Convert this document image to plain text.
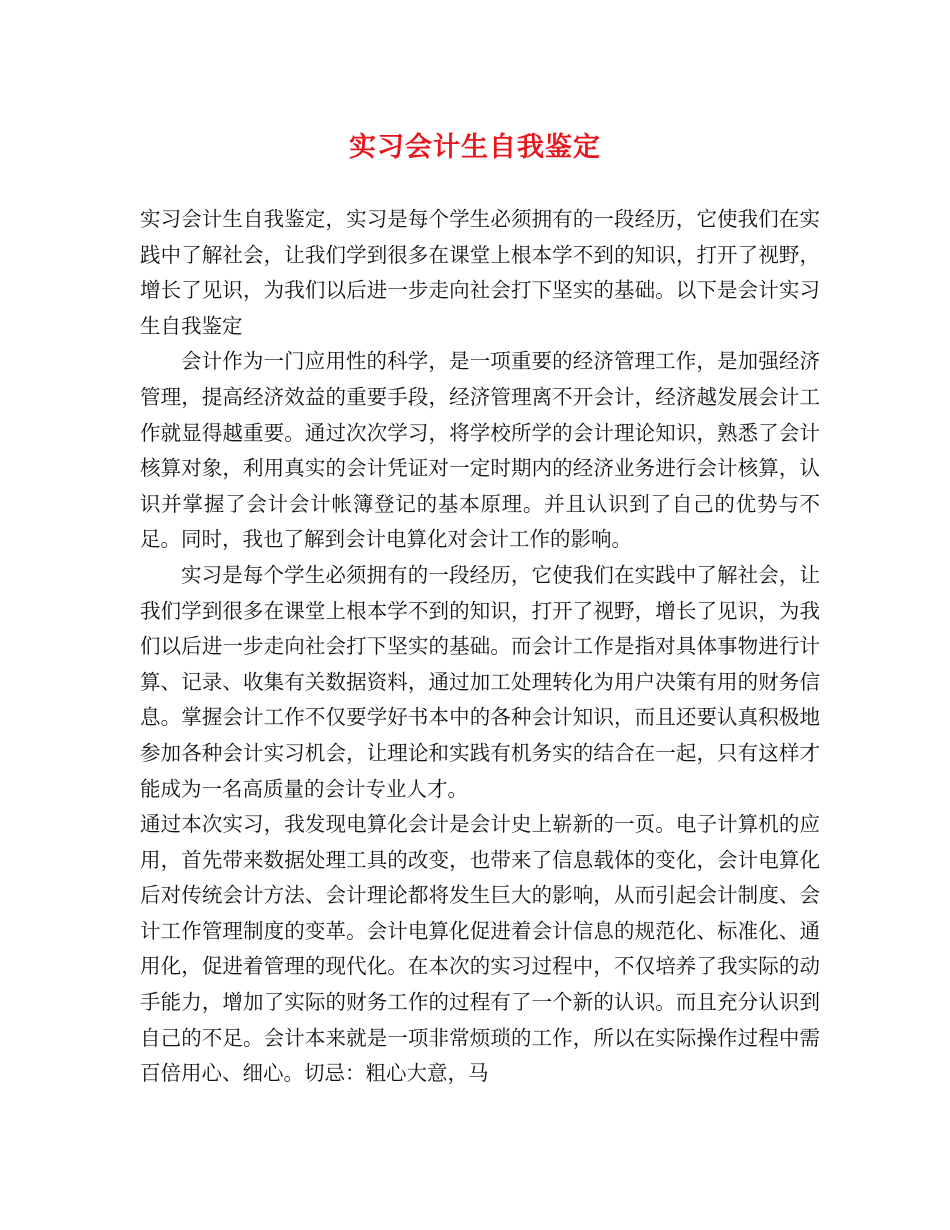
实习会计生自我鉴定

实习会计生自我鉴定，实习是每个学生必须拥有的一段经历，它使我们在实践中了解社会，让我们学到很多在课堂上根本学不到的知识，打开了视野，增长了见识，为我们以后进一步走向社会打下坚实的基础。以下是会计实习生自我鉴定

会计作为一门应用性的科学，是一项重要的经济管理工作，是加强经济管理，提高经济效益的重要手段，经济管理离不开会计，经济越发展会计工作就显得越重要。通过次次学习，将学校所学的会计理论知识，熟悉了会计核算对象，利用真实的会计凭证对一定时期内的经济业务进行会计核算，认识并掌握了会计会计帐簿登记的基本原理。并且认识到了自己的优势与不足。同时，我也了解到会计电算化对会计工作的影响。

实习是每个学生必须拥有的一段经历，它使我们在实践中了解社会，让我们学到很多在课堂上根本学不到的知识，打开了视野，增长了见识，为我们以后进一步走向社会打下坚实的基础。而会计工作是指对具体事物进行计算、记录、收集有关数据资料，通过加工处理转化为用户决策有用的财务信息。掌握会计工作不仅要学好书本中的各种会计知识，而且还要认真积极地参加各种会计实习机会，让理论和实践有机务实的结合在一起，只有这样才能成为一名高质量的会计专业人才。

通过本次实习，我发现电算化会计是会计史上崭新的一页。电子计算机的应用，首先带来数据处理工具的改变，也带来了信息载体的变化，会计电算化后对传统会计方法、会计理论都将发生巨大的影响，从而引起会计制度、会计工作管理制度的变革。会计电算化促进着会计信息的规范化、标准化、通用化，促进着管理的现代化。在本次的实习过程中，不仅培养了我实际的动手能力，增加了实际的财务工作的过程有了一个新的认识。而且充分认识到自己的不足。会计本来就是一项非常烦琐的工作，所以在实际操作过程中需百倍用心、细心。切忌：粗心大意，马
